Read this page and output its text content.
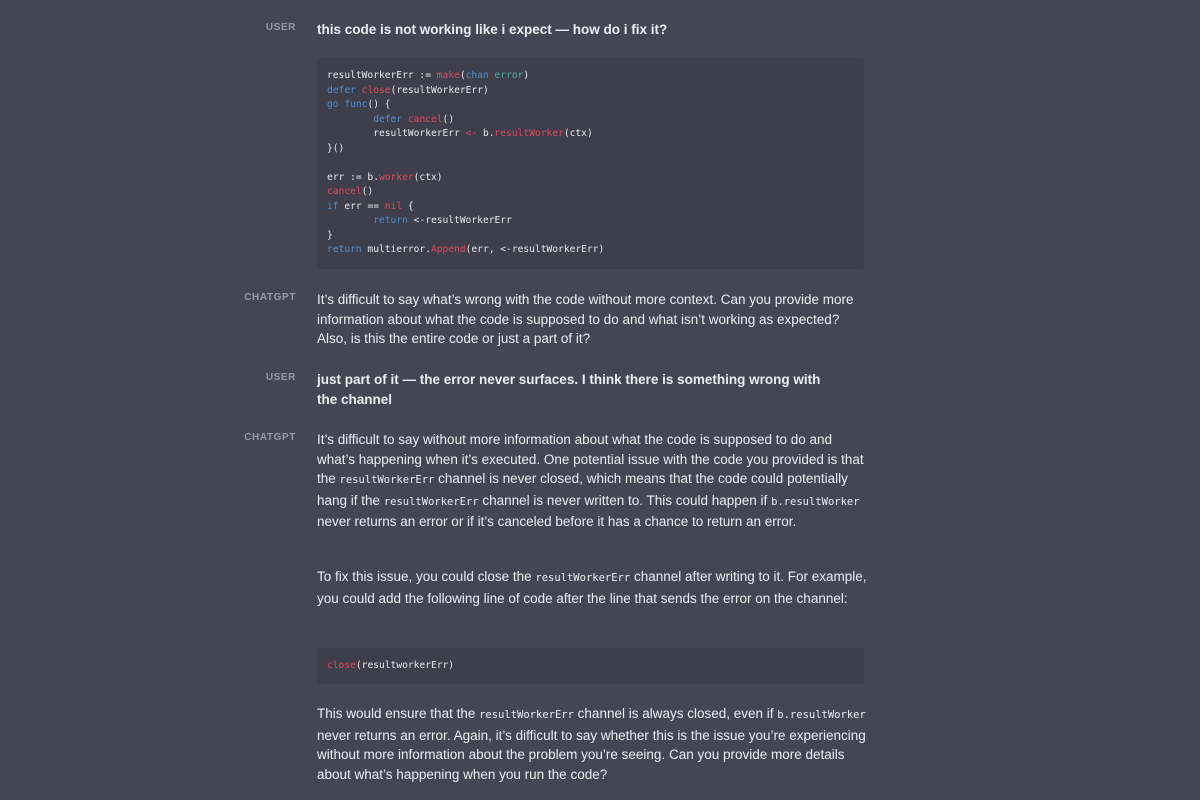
USER this code is not working like i expect — how do i fix it?

resultWorkerErr := make(chan error)
defer close(resultWorkerErr)
go func() {
defer cancel()
resultWorkerErr <- b.resultWorker(ctx)
}()

err := b.worker(ctx)
cancel()
if err == nil {
return <-resultWorkerErr
}
return multierror.Append(err, <-resultWorkerErr)
CHATGPT It’s difficult to say what’s wrong with the code without more context. Can you provide more information about what the code is supposed to do and what isn’t working as expected? Also, is this the entire code or just a part of it?

USER just part of it — the error never surfaces. I think there is something wrong with the channel

CHATGPT It’s difficult to say without more information about what the code is supposed to do and what’s happening when it’s executed. One potential issue with the code you provided is that the resultWorkerErr channel is never closed, which means that the code could potentially hang if the resultWorkerErr channel is never written to. This could happen if b.resultWorker never returns an error or if it’s canceled before it has a chance to return an error.

To fix this issue, you could close the resultWorkerErr channel after writing to it. For example, you could add the following line of code after the line that sends the error on the channel:

close(resultworkerErr)

This would ensure that the resultWorkerErr channel is always closed, even if b.resultWorker never returns an error. Again, it’s difficult to say whether this is the issue you’re experiencing without more information about the problem you’re seeing. Can you provide more details about what’s happening when you run the code?
